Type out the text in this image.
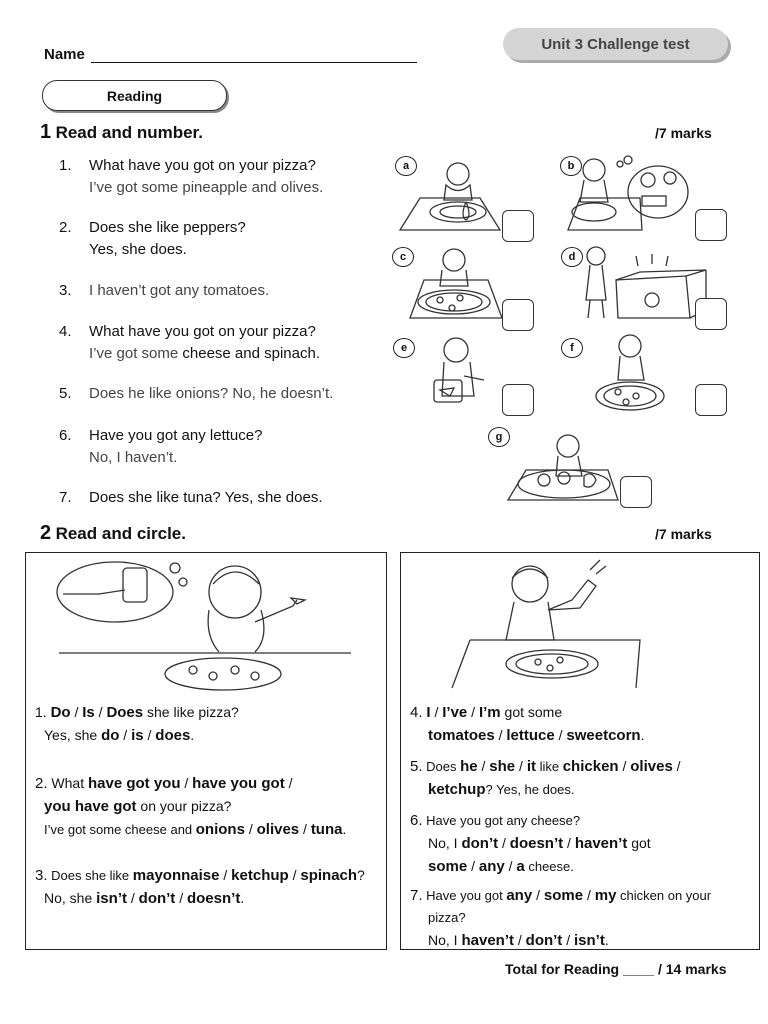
Unit 3 Challenge test
Name
Reading
1 Read and number.	/7 marks
1. What have you got on your pizza?
I’ve got some pineapple and olives.
2. Does she like peppers?
Yes, she does.
3. I haven’t got any tomatoes.
4. What have you got on your pizza?
I’ve got some cheese and spinach.
5. Does he like onions? No, he doesn’t.
6. Have you got any lettuce?
No, I haven’t.
7. Does she like tuna? Yes, she does.
a	b
c	d
e	f
g
2 Read and circle.	/7 marks
1. Do / Is / Does she like pizza?
Yes, she do / is / does.
2. What have got you / have you got /
you have got on your pizza?
I’ve got some cheese and onions / olives / tuna.
3. Does she like mayonnaise / ketchup / spinach?
No, she isn’t / don’t / doesn’t.
4. I / I’ve / I’m got some
tomatoes / lettuce / sweetcorn.
5. Does he / she / it like chicken / olives /
ketchup? Yes, he does.
6. Have you got any cheese?
No, I don’t / doesn’t / haven’t got
some / any / a cheese.
7. Have you got any / some / my chicken on your
pizza?
No, I haven’t / don’t / isn’t.
Total for Reading ____ / 14 marks
